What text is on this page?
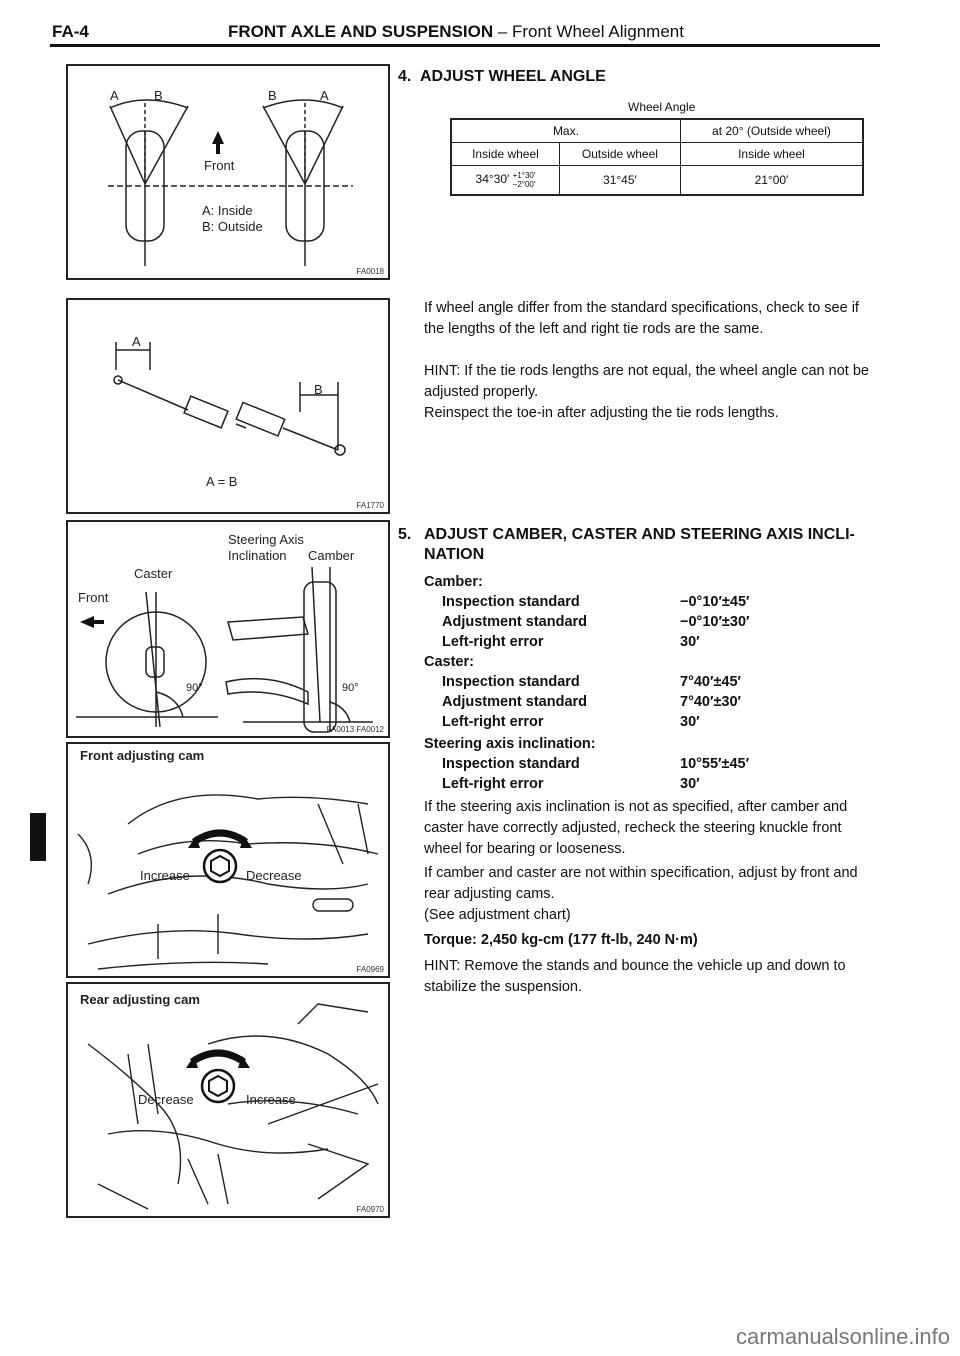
FA-4	FRONT AXLE AND SUSPENSION – Front Wheel Alignment
A	B	B	A
Front
A: Inside
B: Outside
FA0018
A
B
A = B
FA1770
Steering Axis
Inclination Camber
Caster
Front
90°	90°
FA0013 FA0012
Front adjusting cam
Increase	Decrease
FA0969
Rear adjusting cam
Decrease	Increase
FA0970
4. ADJUST WHEEL ANGLE
Wheel Angle
Max.		at 20° (Outside wheel)
Inside wheel	Outside wheel	Inside wheel
34°30′ +1°30′
−2°00′	31°45′	21°00′
If wheel angle differ from the standard specifications, check to see if the lengths of the left and right tie rods are the same.
HINT: If the tie rods lengths are not equal, the wheel angle can not be adjusted properly.
Reinspect the toe-in after adjusting the tie rods lengths.
5. ADJUST CAMBER, CASTER AND STEERING AXIS INCLI-
NATION
Camber:
Inspection standard	−0°10′±45′
Adjustment standard	−0°10′±30′
Left-right error	30′
Caster:
Inspection standard	7°40′±45′
Adjustment standard	7°40′±30′
Left-right error	30′
Steering axis inclination:
Inspection standard	10°55′±45′
Left-right error	30′
If the steering axis inclination is not as specified, after camber and caster have correctly adjusted, recheck the steering knuckle front wheel for bearing or looseness.
If camber and caster are not within specification, adjust by front and rear adjusting cams.
(See adjustment chart)
Torque: 2,450 kg-cm (177 ft-lb, 240 N·m)
HINT: Remove the stands and bounce the vehicle up and down to stabilize the suspension.
carmanualsonline.info
